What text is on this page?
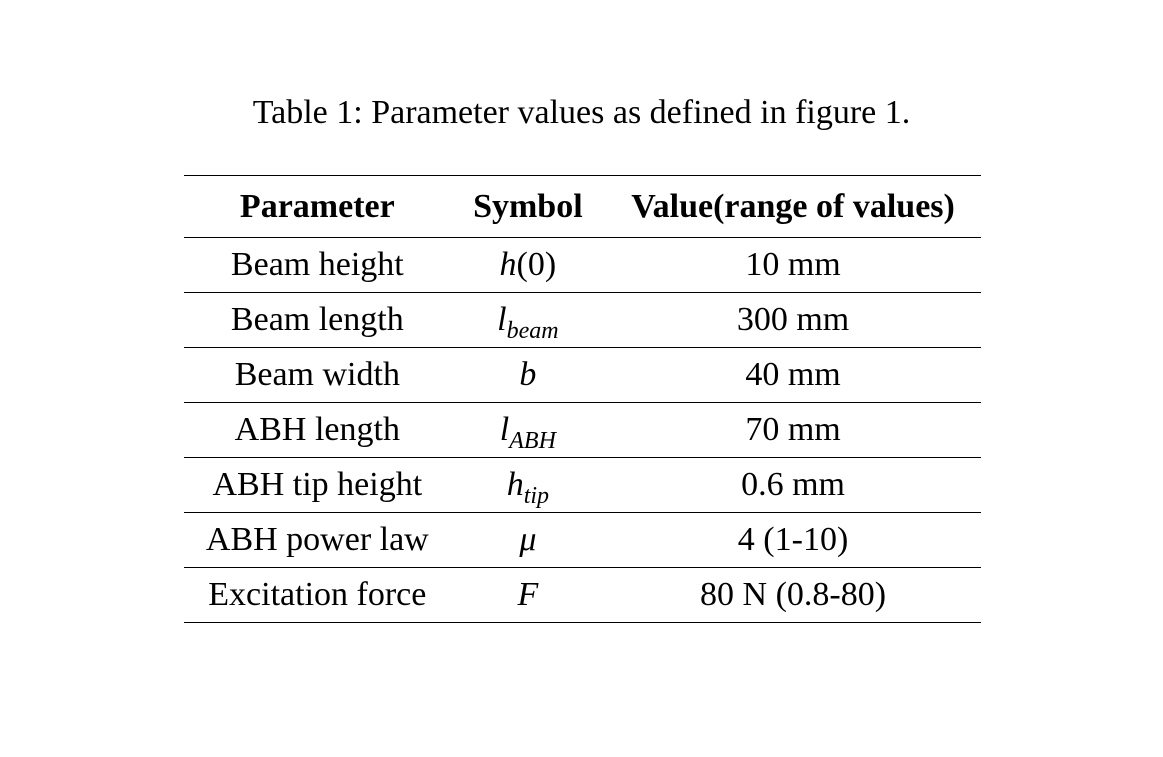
Table 1: Parameter values as defined in figure 1.
Parameter	Symbol	Value(range of values)
Beam height	h(0)	10 mm
Beam length	$l_{beam}$	300 mm
Beam width	b	40 mm
ABH length	$l_{ABH}$	70 mm
ABH tip height	$h_{tip}$	0.6 mm
ABH power law	μ	4 (1-10)
Excitation force	F	80 N (0.8-80)
